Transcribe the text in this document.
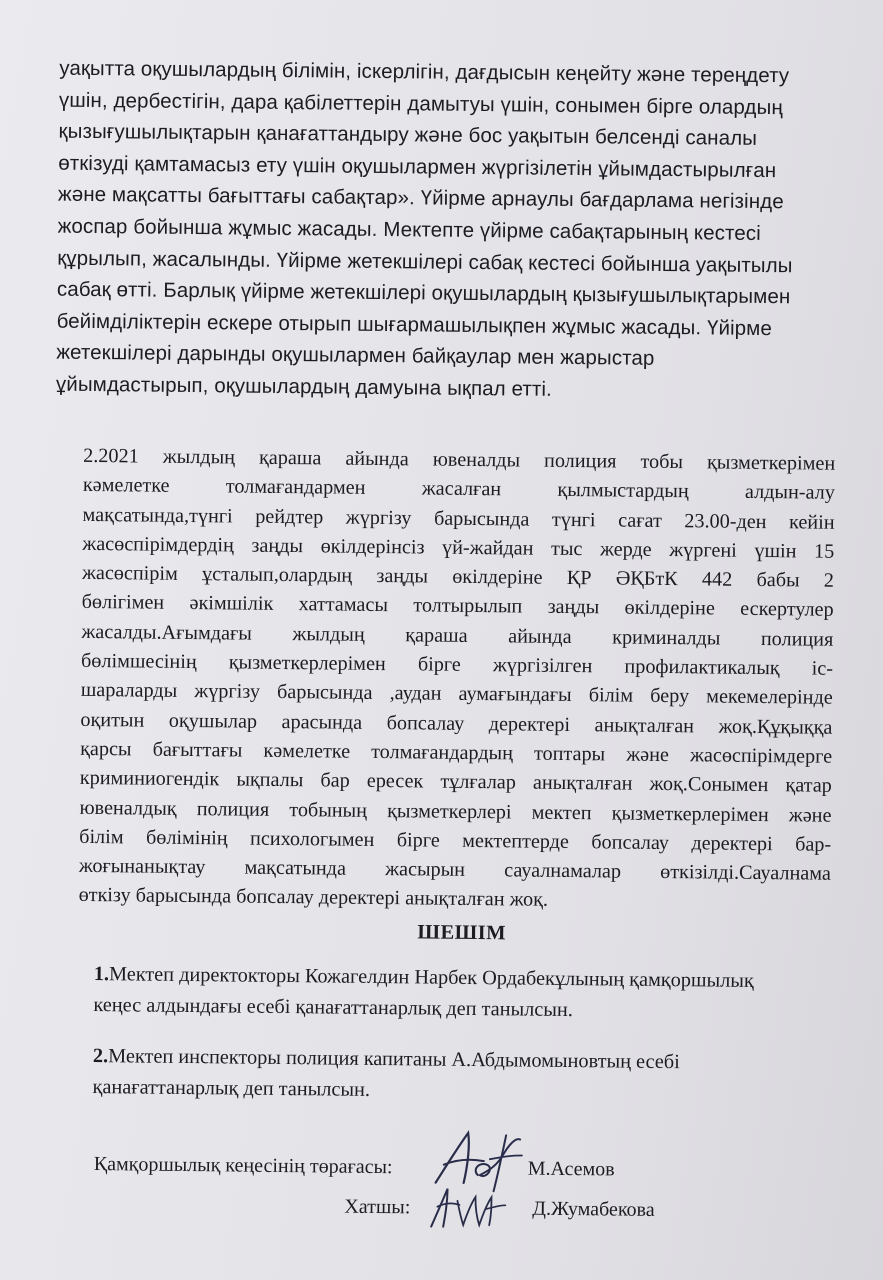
уақытта оқушылардың білімін, іскерлігін, дағдысын кеңейту және тереңдету
үшін, дербестігін, дара қабілеттерін дамытуы үшін, сонымен бірге олардың
қызығушылықтарын қанағаттандыру және бос уақытын белсенді саналы
өткізуді қамтамасыз ету үшін оқушылармен жүргізілетін ұйымдастырылған
және мақсатты бағыттағы сабақтар». Үйірме арнаулы бағдарлама негізінде
жоспар бойынша жұмыс жасады. Мектепте үйірме сабақтарының кестесі
құрылып, жасалынды. Үйірме жетекшілері сабақ кестесі бойынша уақытылы
сабақ өтті. Барлық үйірме жетекшілері оқушылардың қызығушылықтарымен
бейімділіктерін ескере отырып шығармашылықпен жұмыс жасады. Үйірме
жетекшілері дарынды оқушылармен байқаулар мен жарыстар
ұйымдастырып, оқушылардың дамуына ықпал етті.
2.2021 жылдың қараша айында ювеналды полиция тобы қызметкерімен
кәмелетке толмағандармен жасалған қылмыстардың алдын-алу
мақсатында,түнгі рейдтер жүргізу барысында түнгі сағат 23.00-ден кейін
жасөспірімдердің заңды өкілдерінсіз үй-жайдан тыс жерде жүргені үшін 15
жасөспірім ұсталып,олардың заңды өкілдеріне ҚР ӘҚБтК 442 бабы 2
бөлігімен әкімшілік хаттамасы толтырылып заңды өкілдеріне ескертулер
жасалды.Ағымдағы жылдың қараша айында криминалды полиция
бөлімшесінің қызметкерлерімен бірге жүргізілген профилактикалық іс-
шараларды жүргізу барысында ,аудан аумағындағы білім беру мекемелерінде
оқитын оқушылар арасында бопсалау деректері анықталған жоқ.Құқыққа
қарсы бағыттағы кәмелетке толмағандардың топтары және жасөспірімдерге
криминиогендік ықпалы бар ересек тұлғалар анықталған жоқ.Сонымен қатар
ювеналдық полиция тобының қызметкерлері мектеп қызметкерлерімен және
білім бөлімінің психологымен бірге мектептерде бопсалау деректері бар-
жоғынанықтау мақсатында жасырын сауалнамалар өткізілді.Сауалнама
өткізу барысында бопсалау деректері анықталған жоқ.
ШЕШІМ
1.Мектеп директокторы Кожагелдин Нарбек Ордабекұлының қамқоршылық
кеңес алдындағы есебі қанағаттанарлық деп танылсын.
2.Мектеп инспекторы полиция капитаны А.Абдымомыновтың есебі
қанағаттанарлық деп танылсын.
Қамқоршылық кеңесінің төрағасы:	М.Асемов
Хатшы:	Д.Жумабекова
